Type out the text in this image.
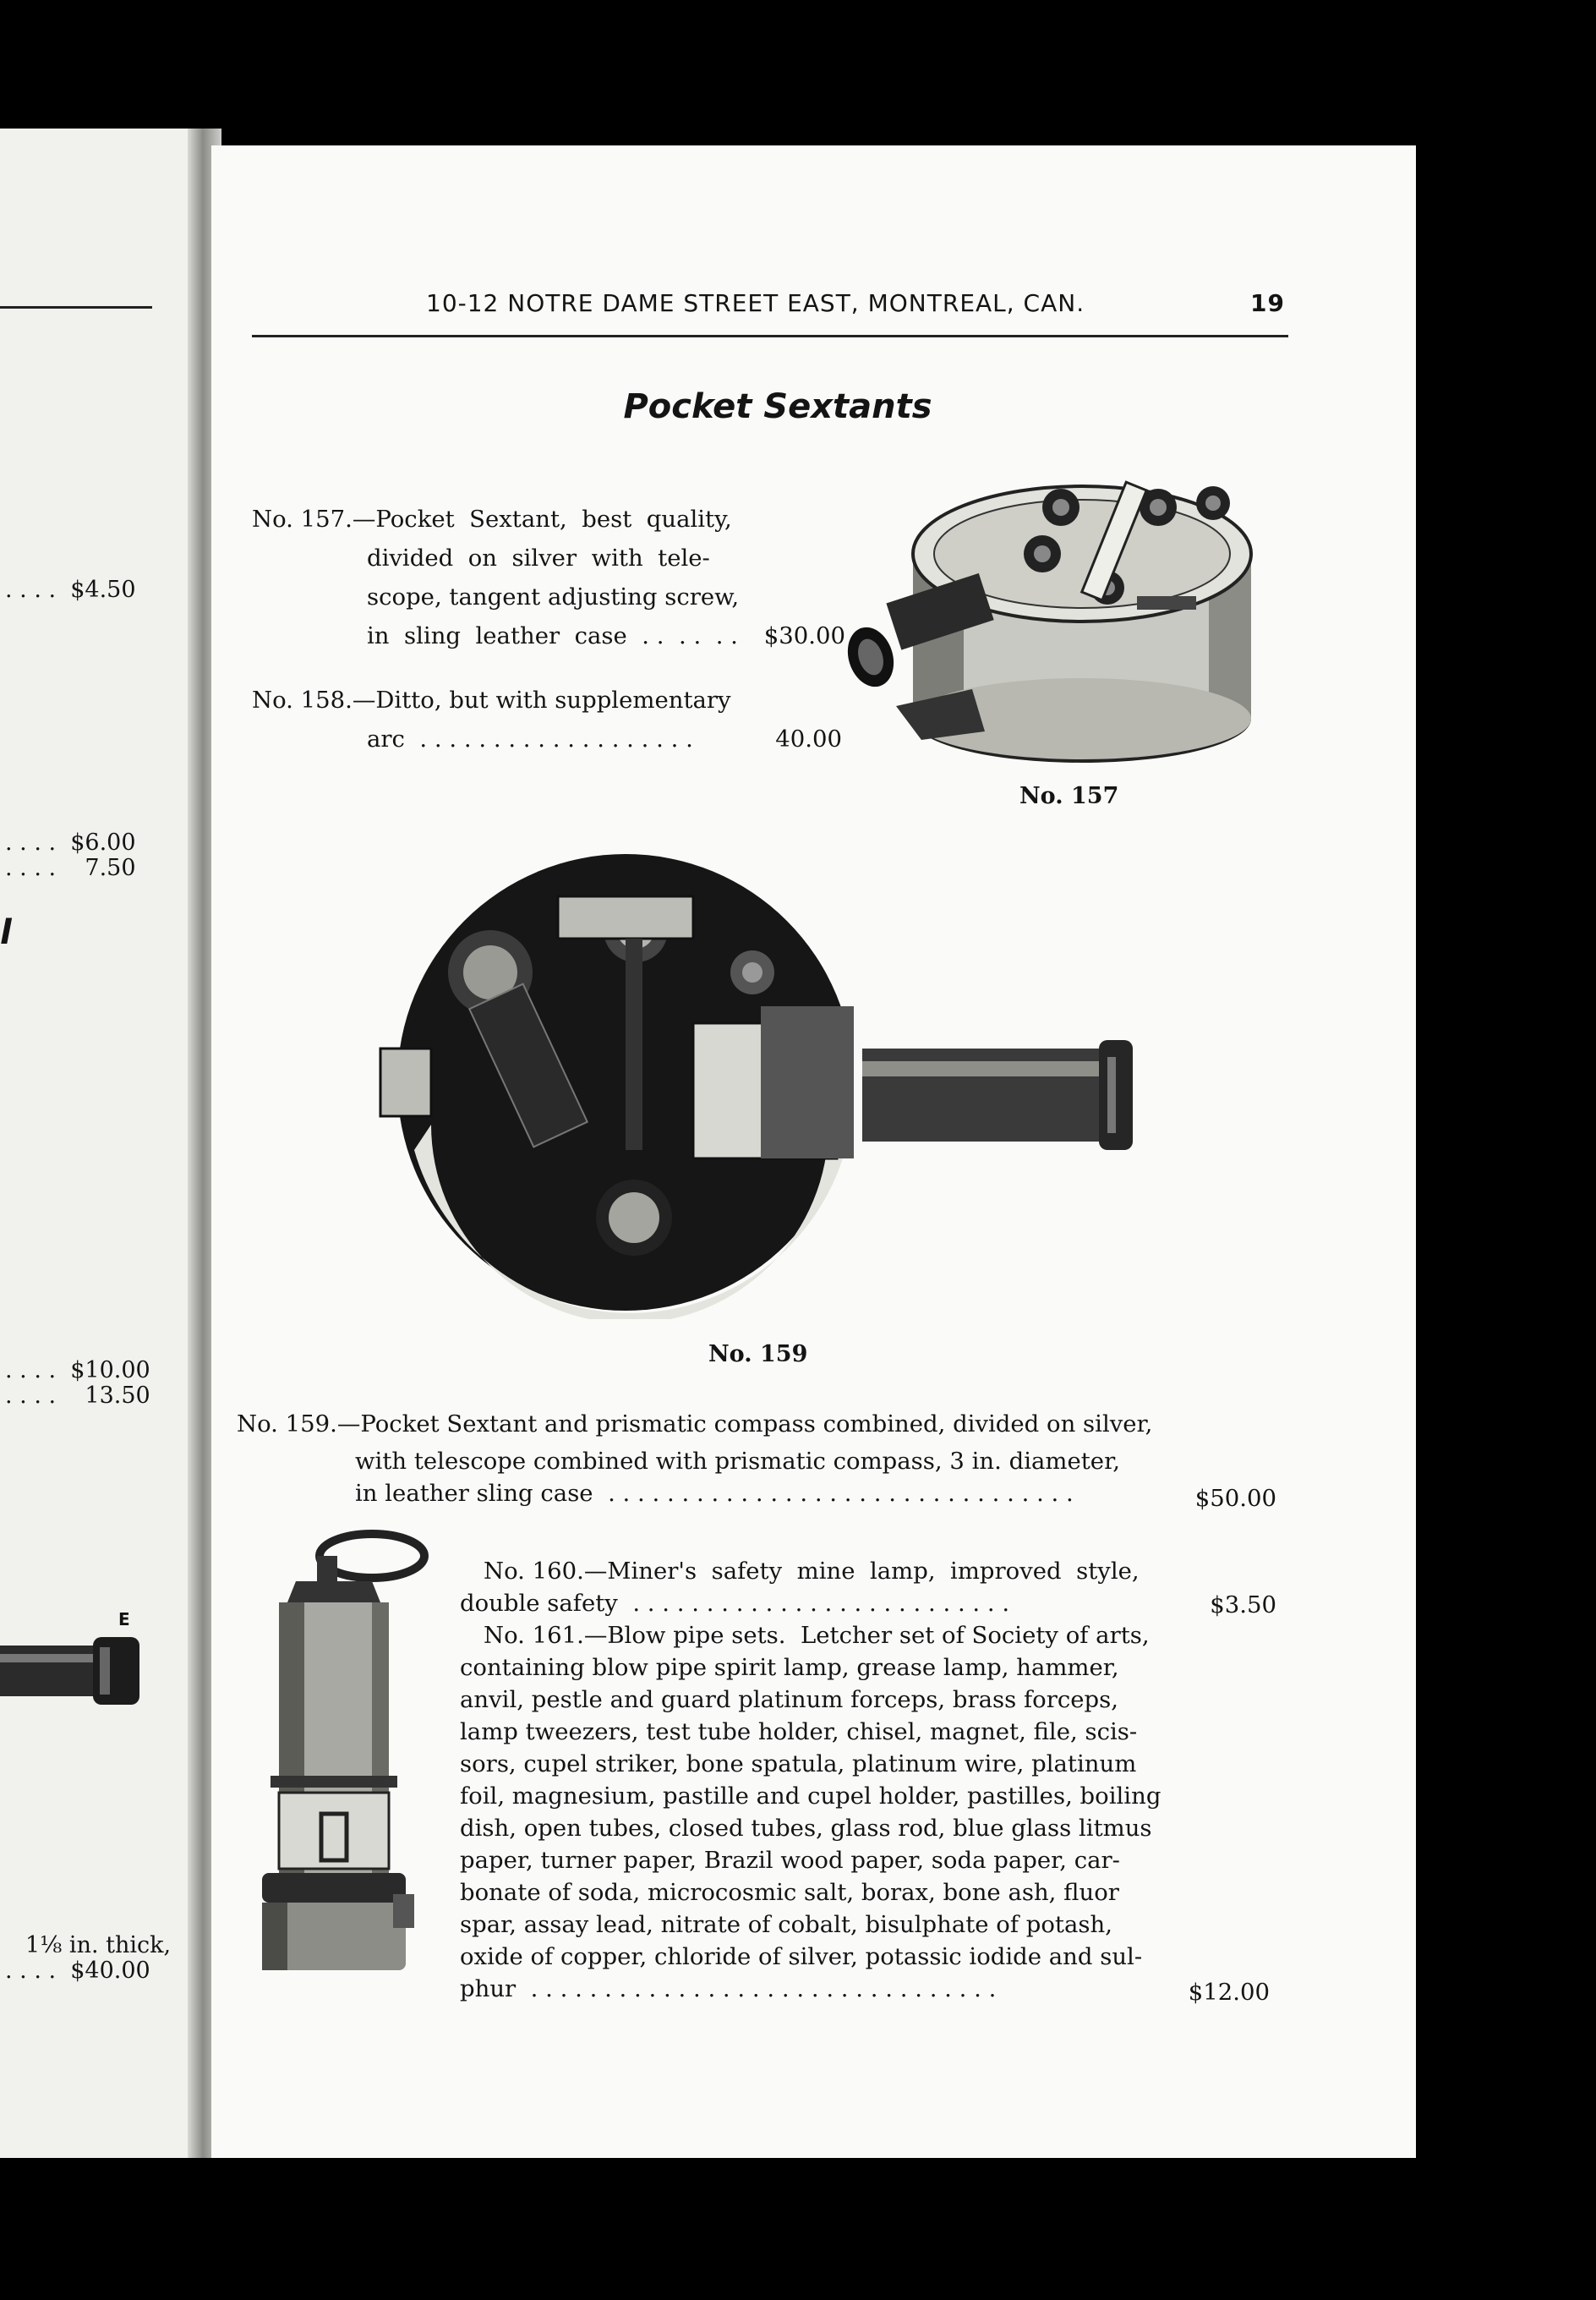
. . . .  $4.50
. . . .  $6.00
. . . .    7.50
l
. . . .  $10.00
. . . .    13.50
E
1⅛ in. thick,
. . . .  $40.00
10-12 NOTRE DAME STREET EAST, MONTREAL, CAN.	19
Pocket Sextants
No. 157.—Pocket  Sextant,  best  quality,
divided  on  silver  with  tele-
scope, tangent adjusting screw,
in  sling  leather  case  . .  . .  . .	$30.00
No. 158.—Ditto, but with supplementary
arc  . . . . . . . . . . . . . . . . . . .	40.00
No. 157
No. 159
No. 159.—Pocket Sextant and prismatic compass combined, divided on silver,
with telescope combined with prismatic compass, 3 in. diameter,
in leather sling case  . . . . . . . . . . . . . . . . . . . . . . . . . . . . . . . .	$50.00
No. 160.—Miner's  safety  mine  lamp,  improved  style,
double safety  . . . . . . . . . . . . . . . . . . . . . . . . . .	$3.50
No. 161.—Blow pipe sets.  Letcher set of Society of arts,
containing blow pipe spirit lamp, grease lamp, hammer,
anvil, pestle and guard platinum forceps, brass forceps,
lamp tweezers, test tube holder, chisel, magnet, file, scis-
sors, cupel striker, bone spatula, platinum wire, platinum
foil, magnesium, pastille and cupel holder, pastilles, boiling
dish, open tubes, closed tubes, glass rod, blue glass litmus
paper, turner paper, Brazil wood paper, soda paper, car-
bonate of soda, microcosmic salt, borax, bone ash, fluor
spar, assay lead, nitrate of cobalt, bisulphate of potash,
oxide of copper, chloride of silver, potassic iodide and sul-
phur  . . . . . . . . . . . . . . . . . . . . . . . . . . . . . . . .	$12.00
